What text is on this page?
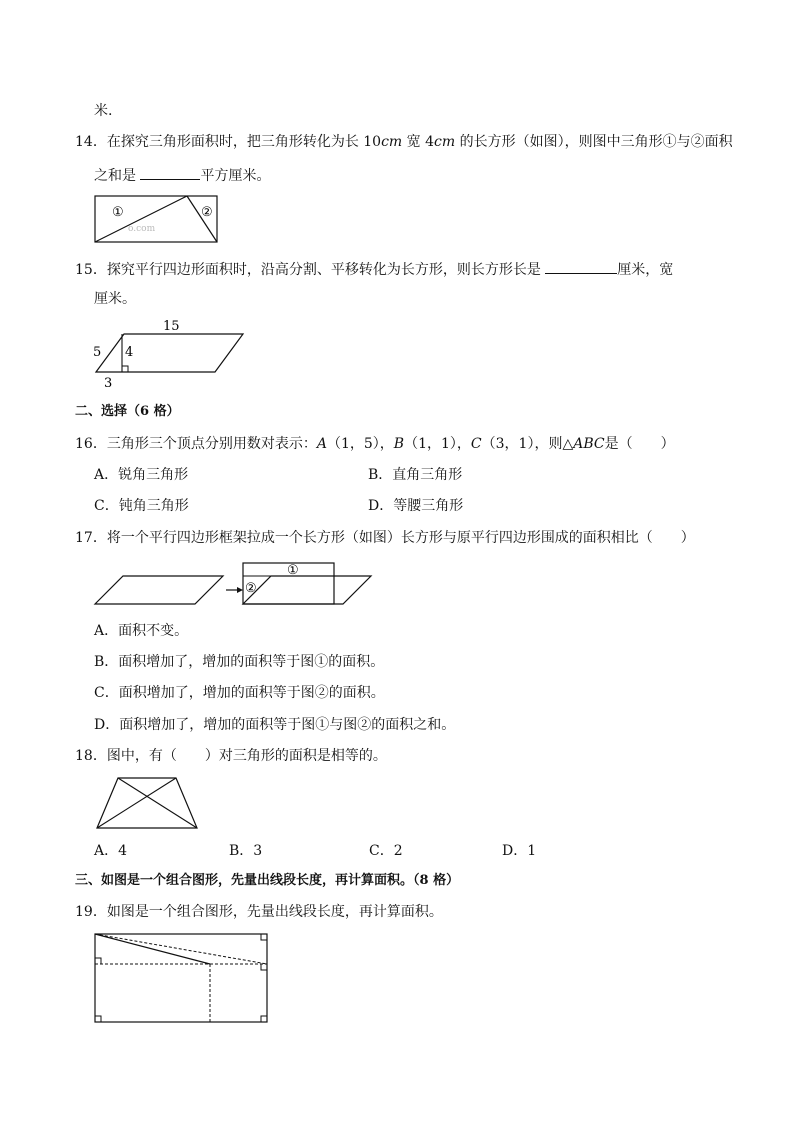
米.
14．在探究三角形面积时，把三角形转化为长 10cm 宽 4cm 的长方形（如图），则图中三角形①与②面积
之和是	平方厘米。
①	②
o.com
15．探究平行四边形面积时，沿高分割、平移转化为长方形，则长方形长是	厘米，宽
厘米。
15
5 4
3
二、选择（6 格）
16．三角形三个顶点分别用数对表示：A（1，5），B（1，1），C（3，1），则△ABC是（　　）
A．锐角三角形	B．直角三角形
C．钝角三角形	D．等腰三角形
17．将一个平行四边形框架拉成一个长方形（如图）长方形与原平行四边形围成的面积相比（　　）
①
②
A．面积不变。
B．面积增加了，增加的面积等于图①的面积。
C．面积增加了，增加的面积等于图②的面积。
D．面积增加了，增加的面积等于图①与图②的面积之和。
18．图中，有（　　）对三角形的面积是相等的。
A．4	B．3	C．2	D．1
三、如图是一个组合图形，先量出线段长度，再计算面积。（8 格）
19．如图是一个组合图形，先量出线段长度，再计算面积。
